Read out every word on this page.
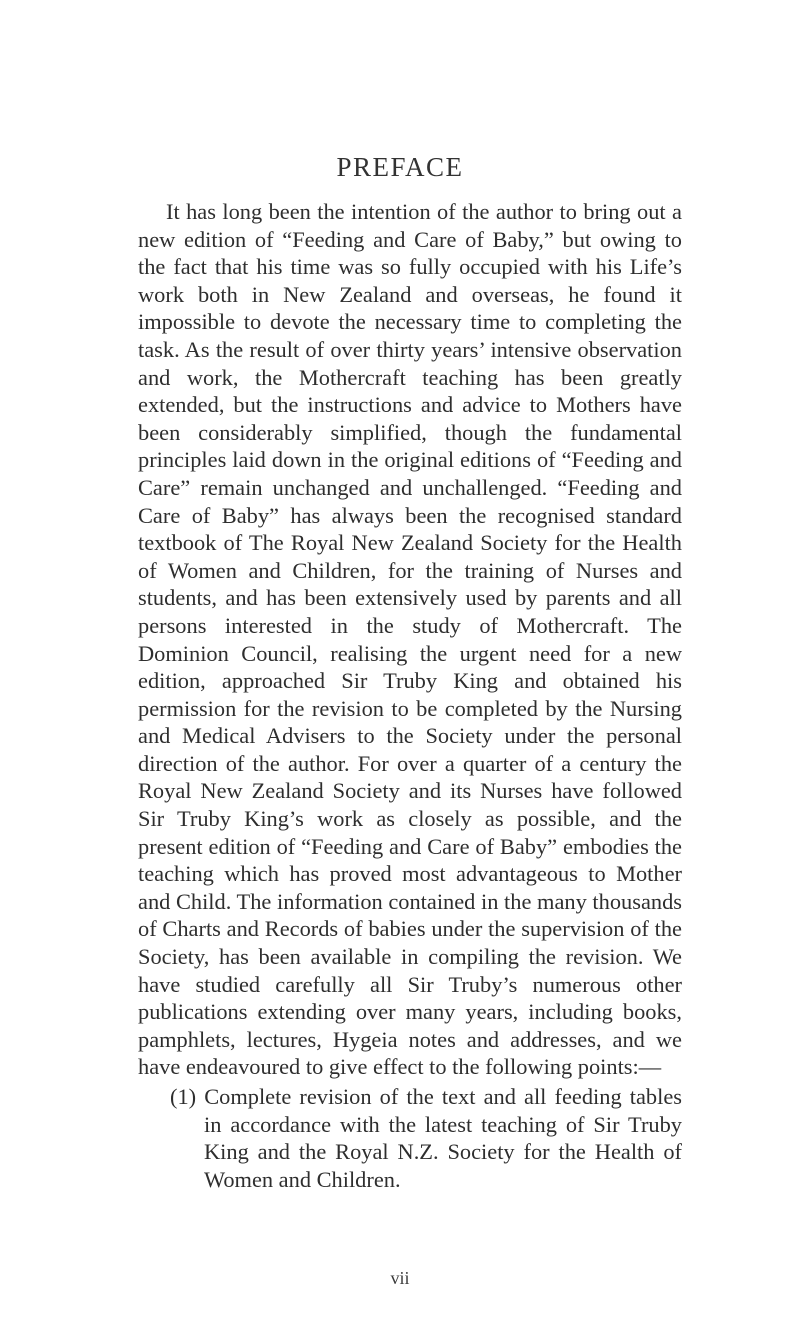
PREFACE

It has long been the intention of the author to bring out a new edition of “Feeding and Care of Baby,” but owing to the fact that his time was so fully occupied with his Life’s work both in New Zealand and overseas, he found it impossible to devote the necessary time to completing the task. As the result of over thirty years’ intensive observation and work, the Mothercraft teaching has been greatly extended, but the instructions and advice to Mothers have been considerably simplified, though the fundamental principles laid down in the original editions of “Feeding and Care” remain unchanged and unchallenged. “Feeding and Care of Baby” has always been the recognised standard textbook of The Royal New Zealand Society for the Health of Women and Children, for the training of Nurses and students, and has been extensively used by parents and all persons interested in the study of Mothercraft. The Dominion Council, realising the urgent need for a new edition, approached Sir Truby King and obtained his permission for the revision to be completed by the Nursing and Medical Advisers to the Society under the personal direction of the author. For over a quarter of a century the Royal New Zealand Society and its Nurses have followed Sir Truby King’s work as closely as possible, and the present edition of “Feeding and Care of Baby” embodies the teaching which has proved most advantageous to Mother and Child. The information contained in the many thousands of Charts and Records of babies under the supervision of the Society, has been available in compiling the revision. We have studied carefully all Sir Truby’s numerous other publications extending over many years, including books, pamphlets, lectures, Hygeia notes and addresses, and we have endeavoured to give effect to the following points:—

(1) Complete revision of the text and all feeding tables in accordance with the latest teaching of Sir Truby King and the Royal N.Z. Society for the Health of Women and Children.

vii
